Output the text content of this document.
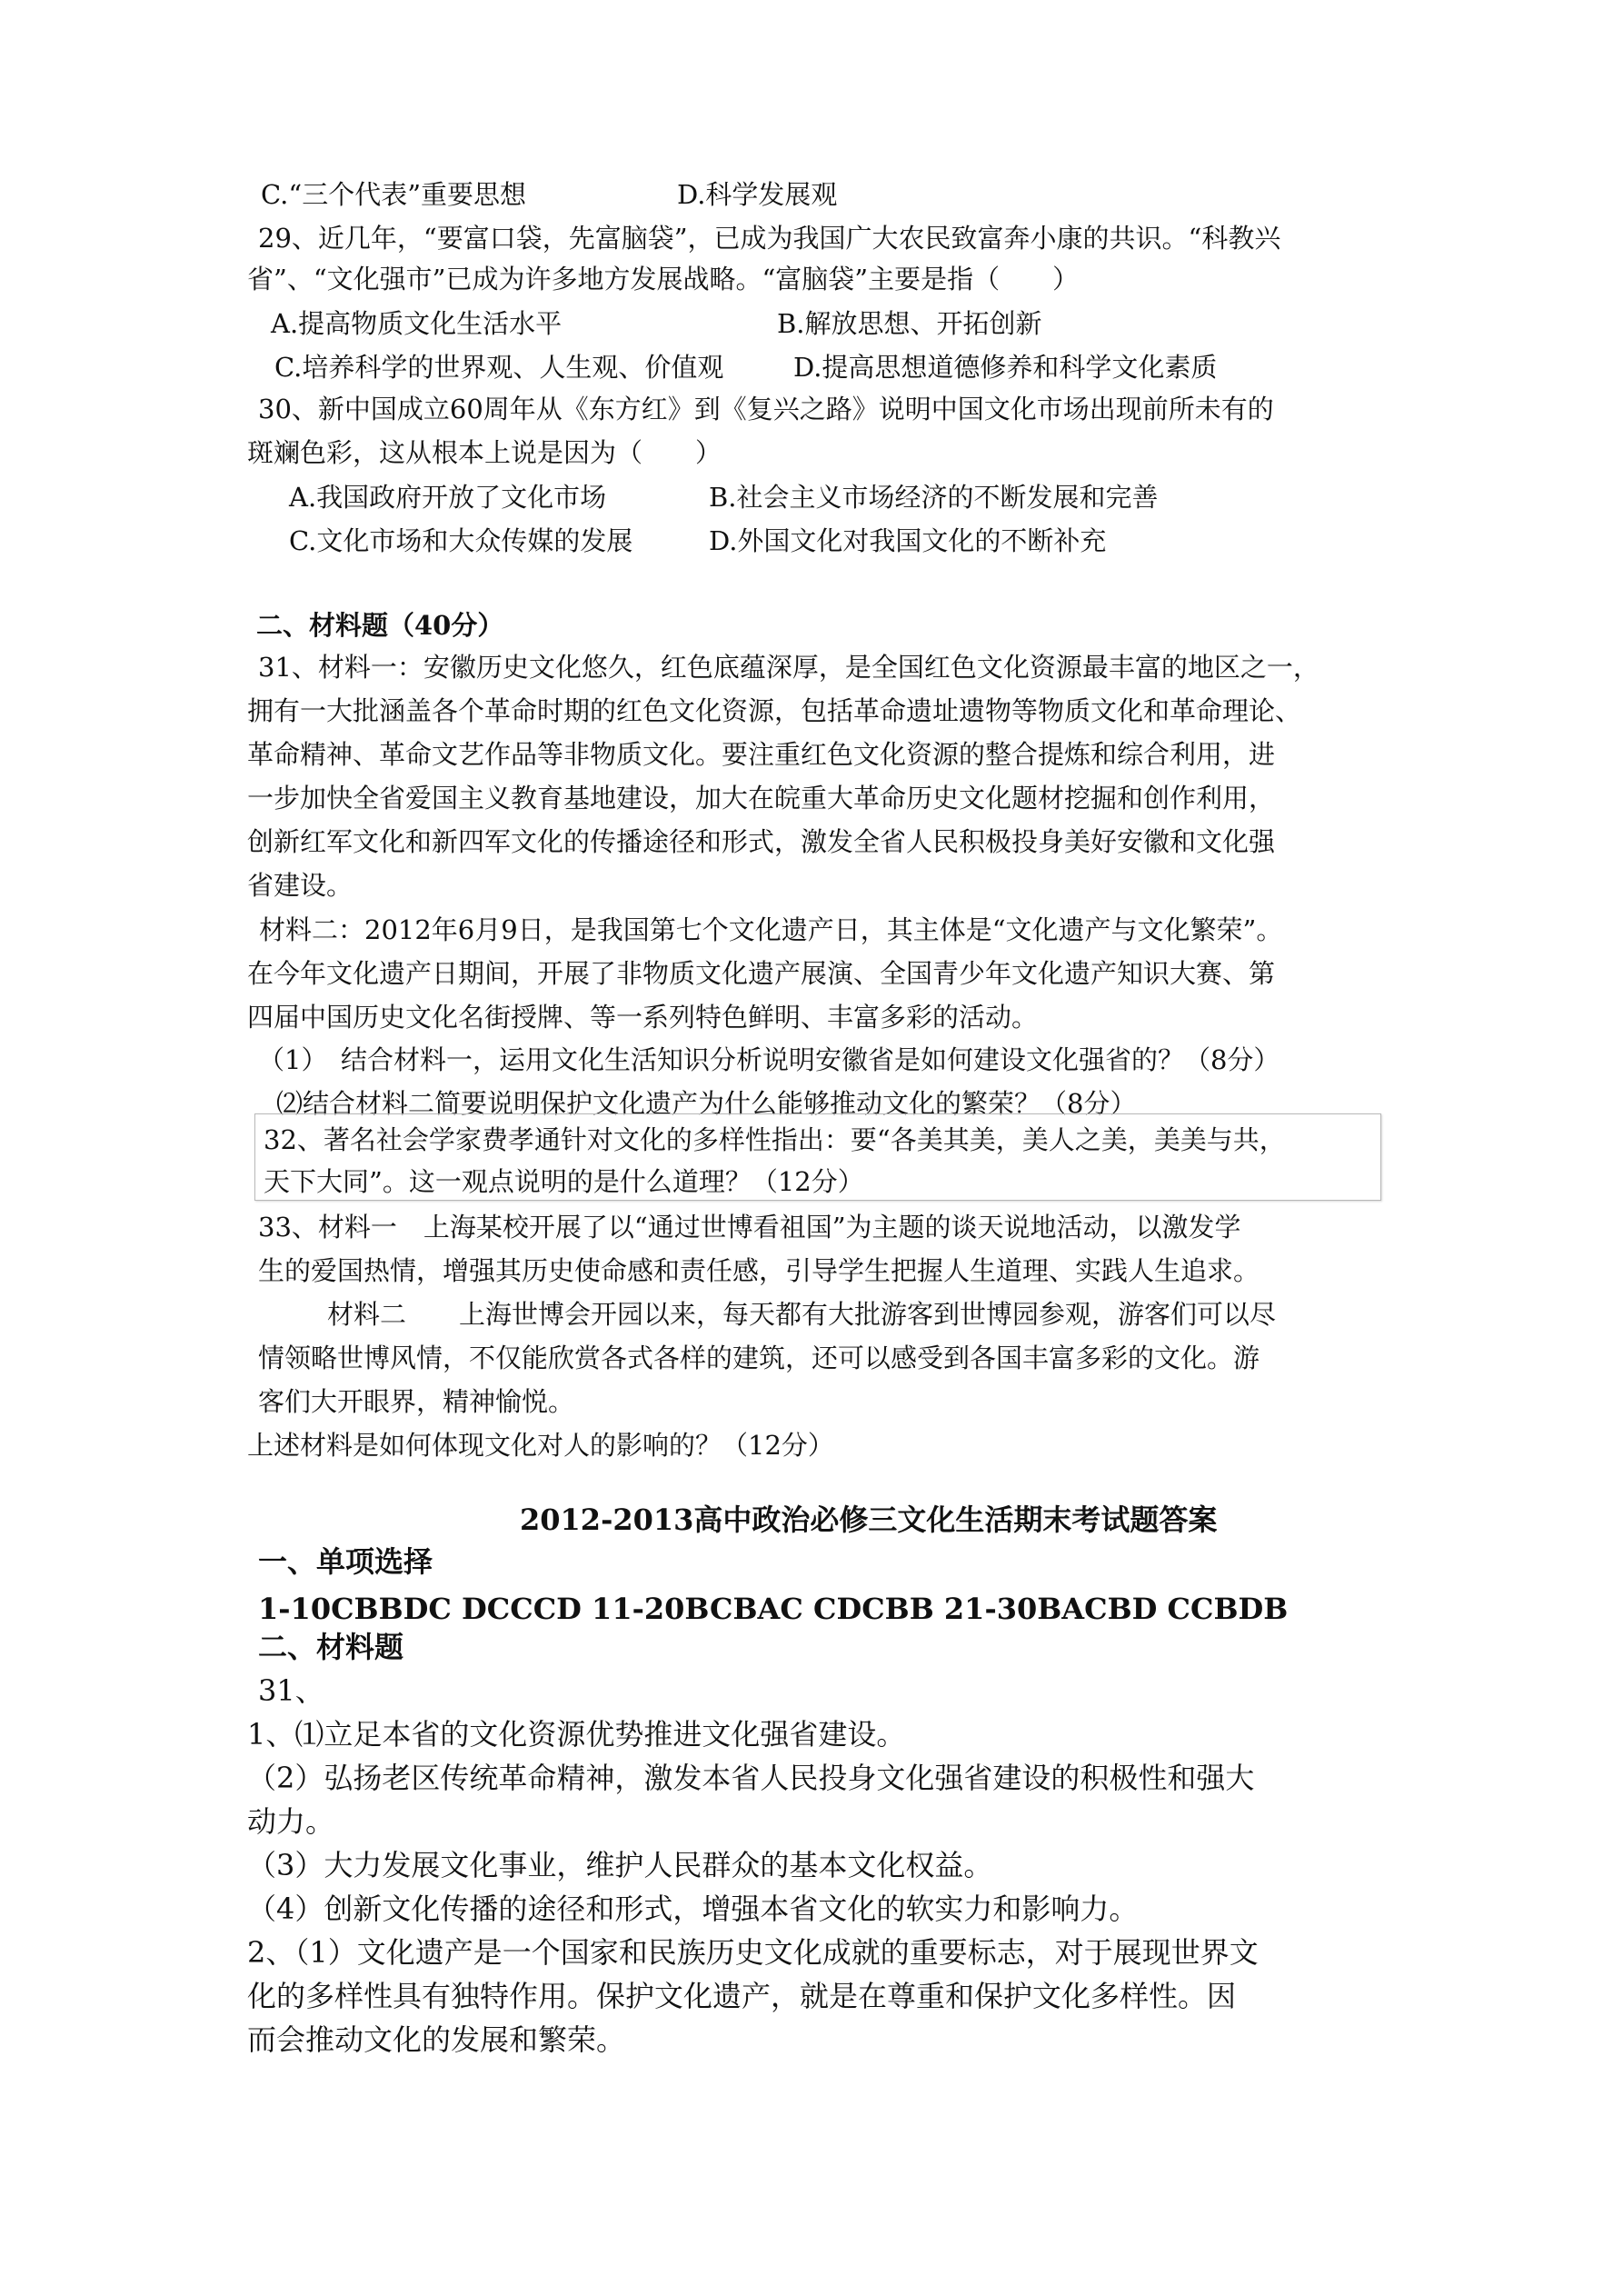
C.“三个代表”重要思想	D.科学发展观
29、近几年，“要富口袋，先富脑袋”，已成为我国广大农民致富奔小康的共识。“科教兴
省”、“文化强市”已成为许多地方发展战略。“富脑袋”主要是指（　　）
A.提高物质文化生活水平	B.解放思想、开拓创新
C.培养科学的世界观、人生观、价值观	D.提高思想道德修养和科学文化素质
30、新中国成立60周年从《东方红》到《复兴之路》说明中国文化市场出现前所未有的
斑斓色彩，这从根本上说是因为（　　）
A.我国政府开放了文化市场	B.社会主义市场经济的不断发展和完善
C.文化市场和大众传媒的发展	D.外国文化对我国文化的不断补充
二、材料题（40分）
31、材料一：安徽历史文化悠久，红色底蕴深厚，是全国红色文化资源最丰富的地区之一，
拥有一大批涵盖各个革命时期的红色文化资源，包括革命遗址遗物等物质文化和革命理论、
革命精神、革命文艺作品等非物质文化。要注重红色文化资源的整合提炼和综合利用，进
一步加快全省爱国主义教育基地建设，加大在皖重大革命历史文化题材挖掘和创作利用，
创新红军文化和新四军文化的传播途径和形式，激发全省人民积极投身美好安徽和文化强
省建设。
材料二：2012年6月9日，是我国第七个文化遗产日，其主体是“文化遗产与文化繁荣”。
在今年文化遗产日期间，开展了非物质文化遗产展演、全国青少年文化遗产知识大赛、第
四届中国历史文化名街授牌、等一系列特色鲜明、丰富多彩的活动。
（1）　结合材料一，运用文化生活知识分析说明安徽省是如何建设文化强省的？（8分）
⑵结合材料二简要说明保护文化遗产为什么能够推动文化的繁荣？（8分）
32、著名社会学家费孝通针对文化的多样性指出：要“各美其美，美人之美，美美与共，
天下大同”。这一观点说明的是什么道理？（12分）
33、材料一　上海某校开展了以“通过世博看祖国”为主题的谈天说地活动，以激发学
生的爱国热情，增强其历史使命感和责任感，引导学生把握人生道理、实践人生追求。
材料二　　上海世博会开园以来，每天都有大批游客到世博园参观，游客们可以尽
情领略世博风情，不仅能欣赏各式各样的建筑，还可以感受到各国丰富多彩的文化。游
客们大开眼界，精神愉悦。
上述材料是如何体现文化对人的影响的？（12分）
2012-2013高中政治必修三文化生活期末考试题答案
一、单项选择
1-10CBBDC DCCCD 11-20BCBAC CDCBB 21-30BACBD CCBDB
二、材料题
31、
1、⑴立足本省的文化资源优势推进文化强省建设。
（2）弘扬老区传统革命精神，激发本省人民投身文化强省建设的积极性和强大
动力。
（3）大力发展文化事业，维护人民群众的基本文化权益。
（4）创新文化传播的途径和形式，增强本省文化的软实力和影响力。
2、（1）文化遗产是一个国家和民族历史文化成就的重要标志，对于展现世界文
化的多样性具有独特作用。保护文化遗产，就是在尊重和保护文化多样性。因
而会推动文化的发展和繁荣。
